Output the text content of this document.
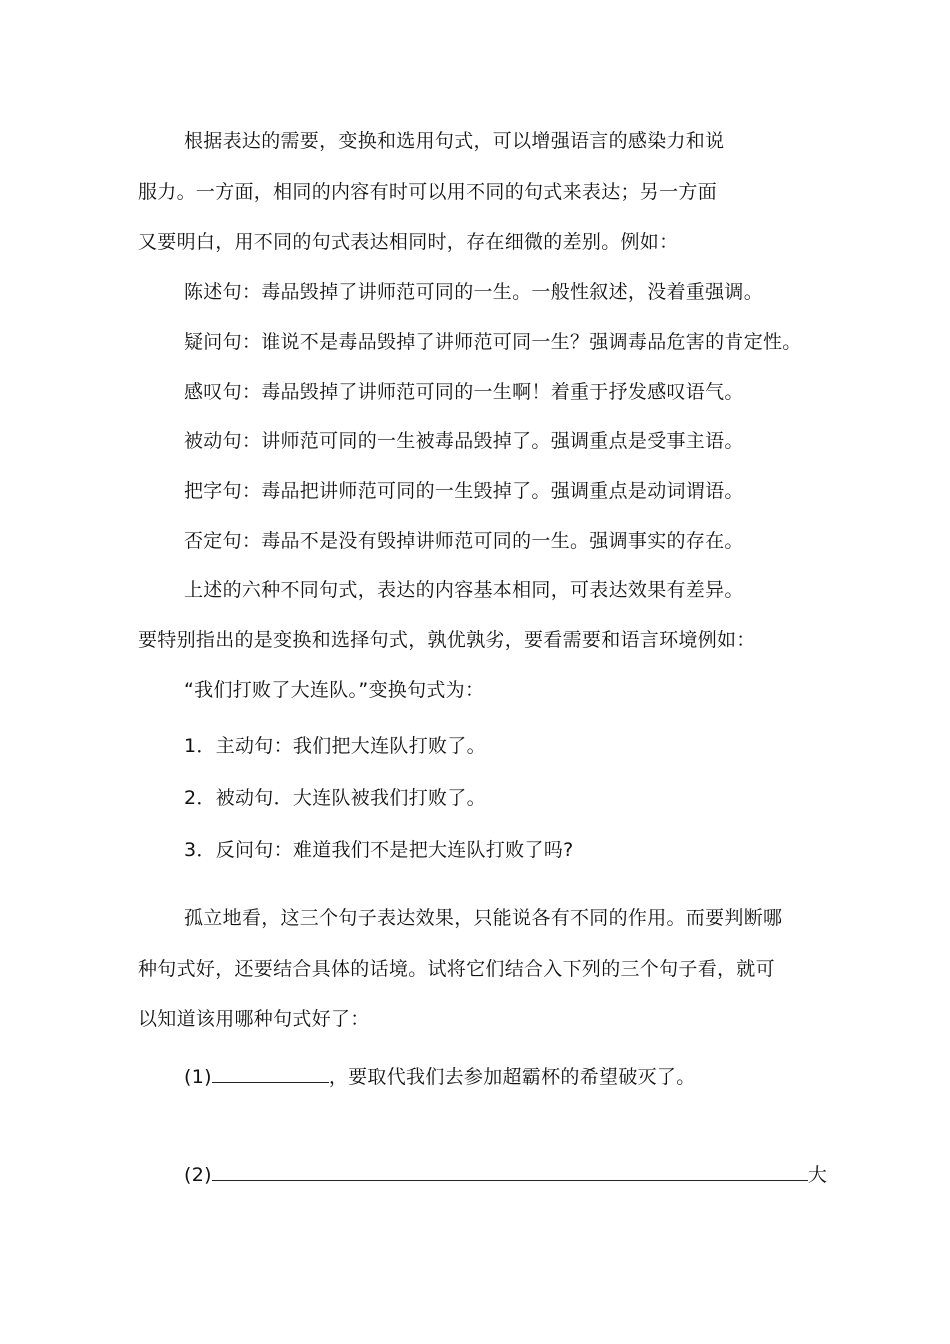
根据表达的需要，变换和选用句式，可以增强语言的感染力和说
服力。一方面，相同的内容有时可以用不同的句式来表达；另一方面
又要明白，用不同的句式表达相同时，存在细微的差别。例如：
陈述句：毒品毁掉了讲师范可同的一生。一般性叙述，没着重强调。
疑问句：谁说不是毒品毁掉了讲师范可同一生？强调毒品危害的肯定性。
感叹句：毒品毁掉了讲师范可同的一生啊！着重于抒发感叹语气。
被动句：讲师范可同的一生被毒品毁掉了。强调重点是受事主语。
把字句：毒品把讲师范可同的一生毁掉了。强调重点是动词谓语。
否定句：毒品不是没有毁掉讲师范可同的一生。强调事实的存在。
上述的六种不同句式，表达的内容基本相同，可表达效果有差异。
要特别指出的是变换和选择句式，孰优孰劣，要看需要和语言环境例如：
“我们打败了大连队。”变换句式为：
1．主动句：我们把大连队打败了。
2．被动句．大连队被我们打败了。
3．反问句：难道我们不是把大连队打败了吗?
孤立地看，这三个句子表达效果，只能说各有不同的作用。而要判断哪
种句式好，还要结合具体的话境。试将它们结合入下列的三个句子看，就可
以知道该用哪种句式好了：
(1)	，要取代我们去参加超霸杯的希望破灭了。
(2)	大
